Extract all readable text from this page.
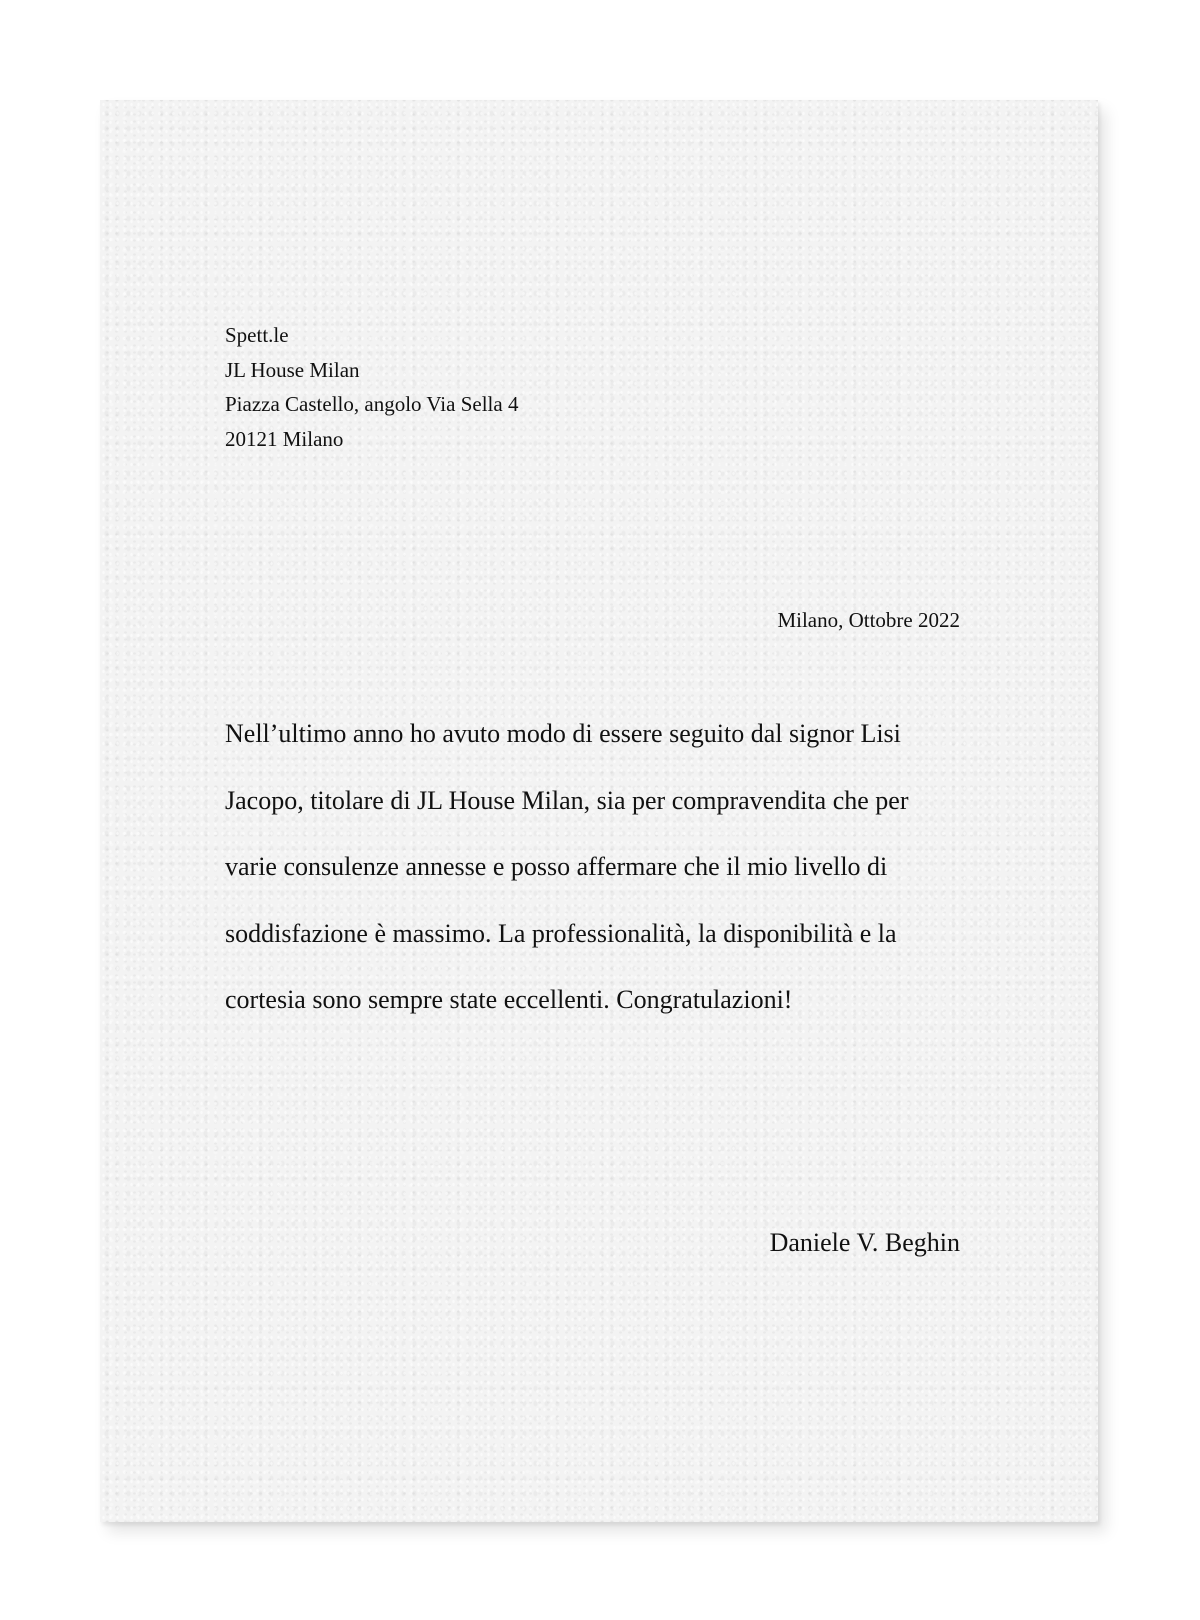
Spett.le
JL House Milan
Piazza Castello, angolo Via Sella 4
20121 Milano
Milano, Ottobre 2022
Nell’ultimo anno ho avuto modo di essere seguito dal signor Lisi
Jacopo, titolare di JL House Milan, sia per compravendita che per
varie consulenze annesse e posso affermare che il mio livello di
soddisfazione è massimo. La professionalità, la disponibilità e la
cortesia sono sempre state eccellenti. Congratulazioni!
Daniele V. Beghin
